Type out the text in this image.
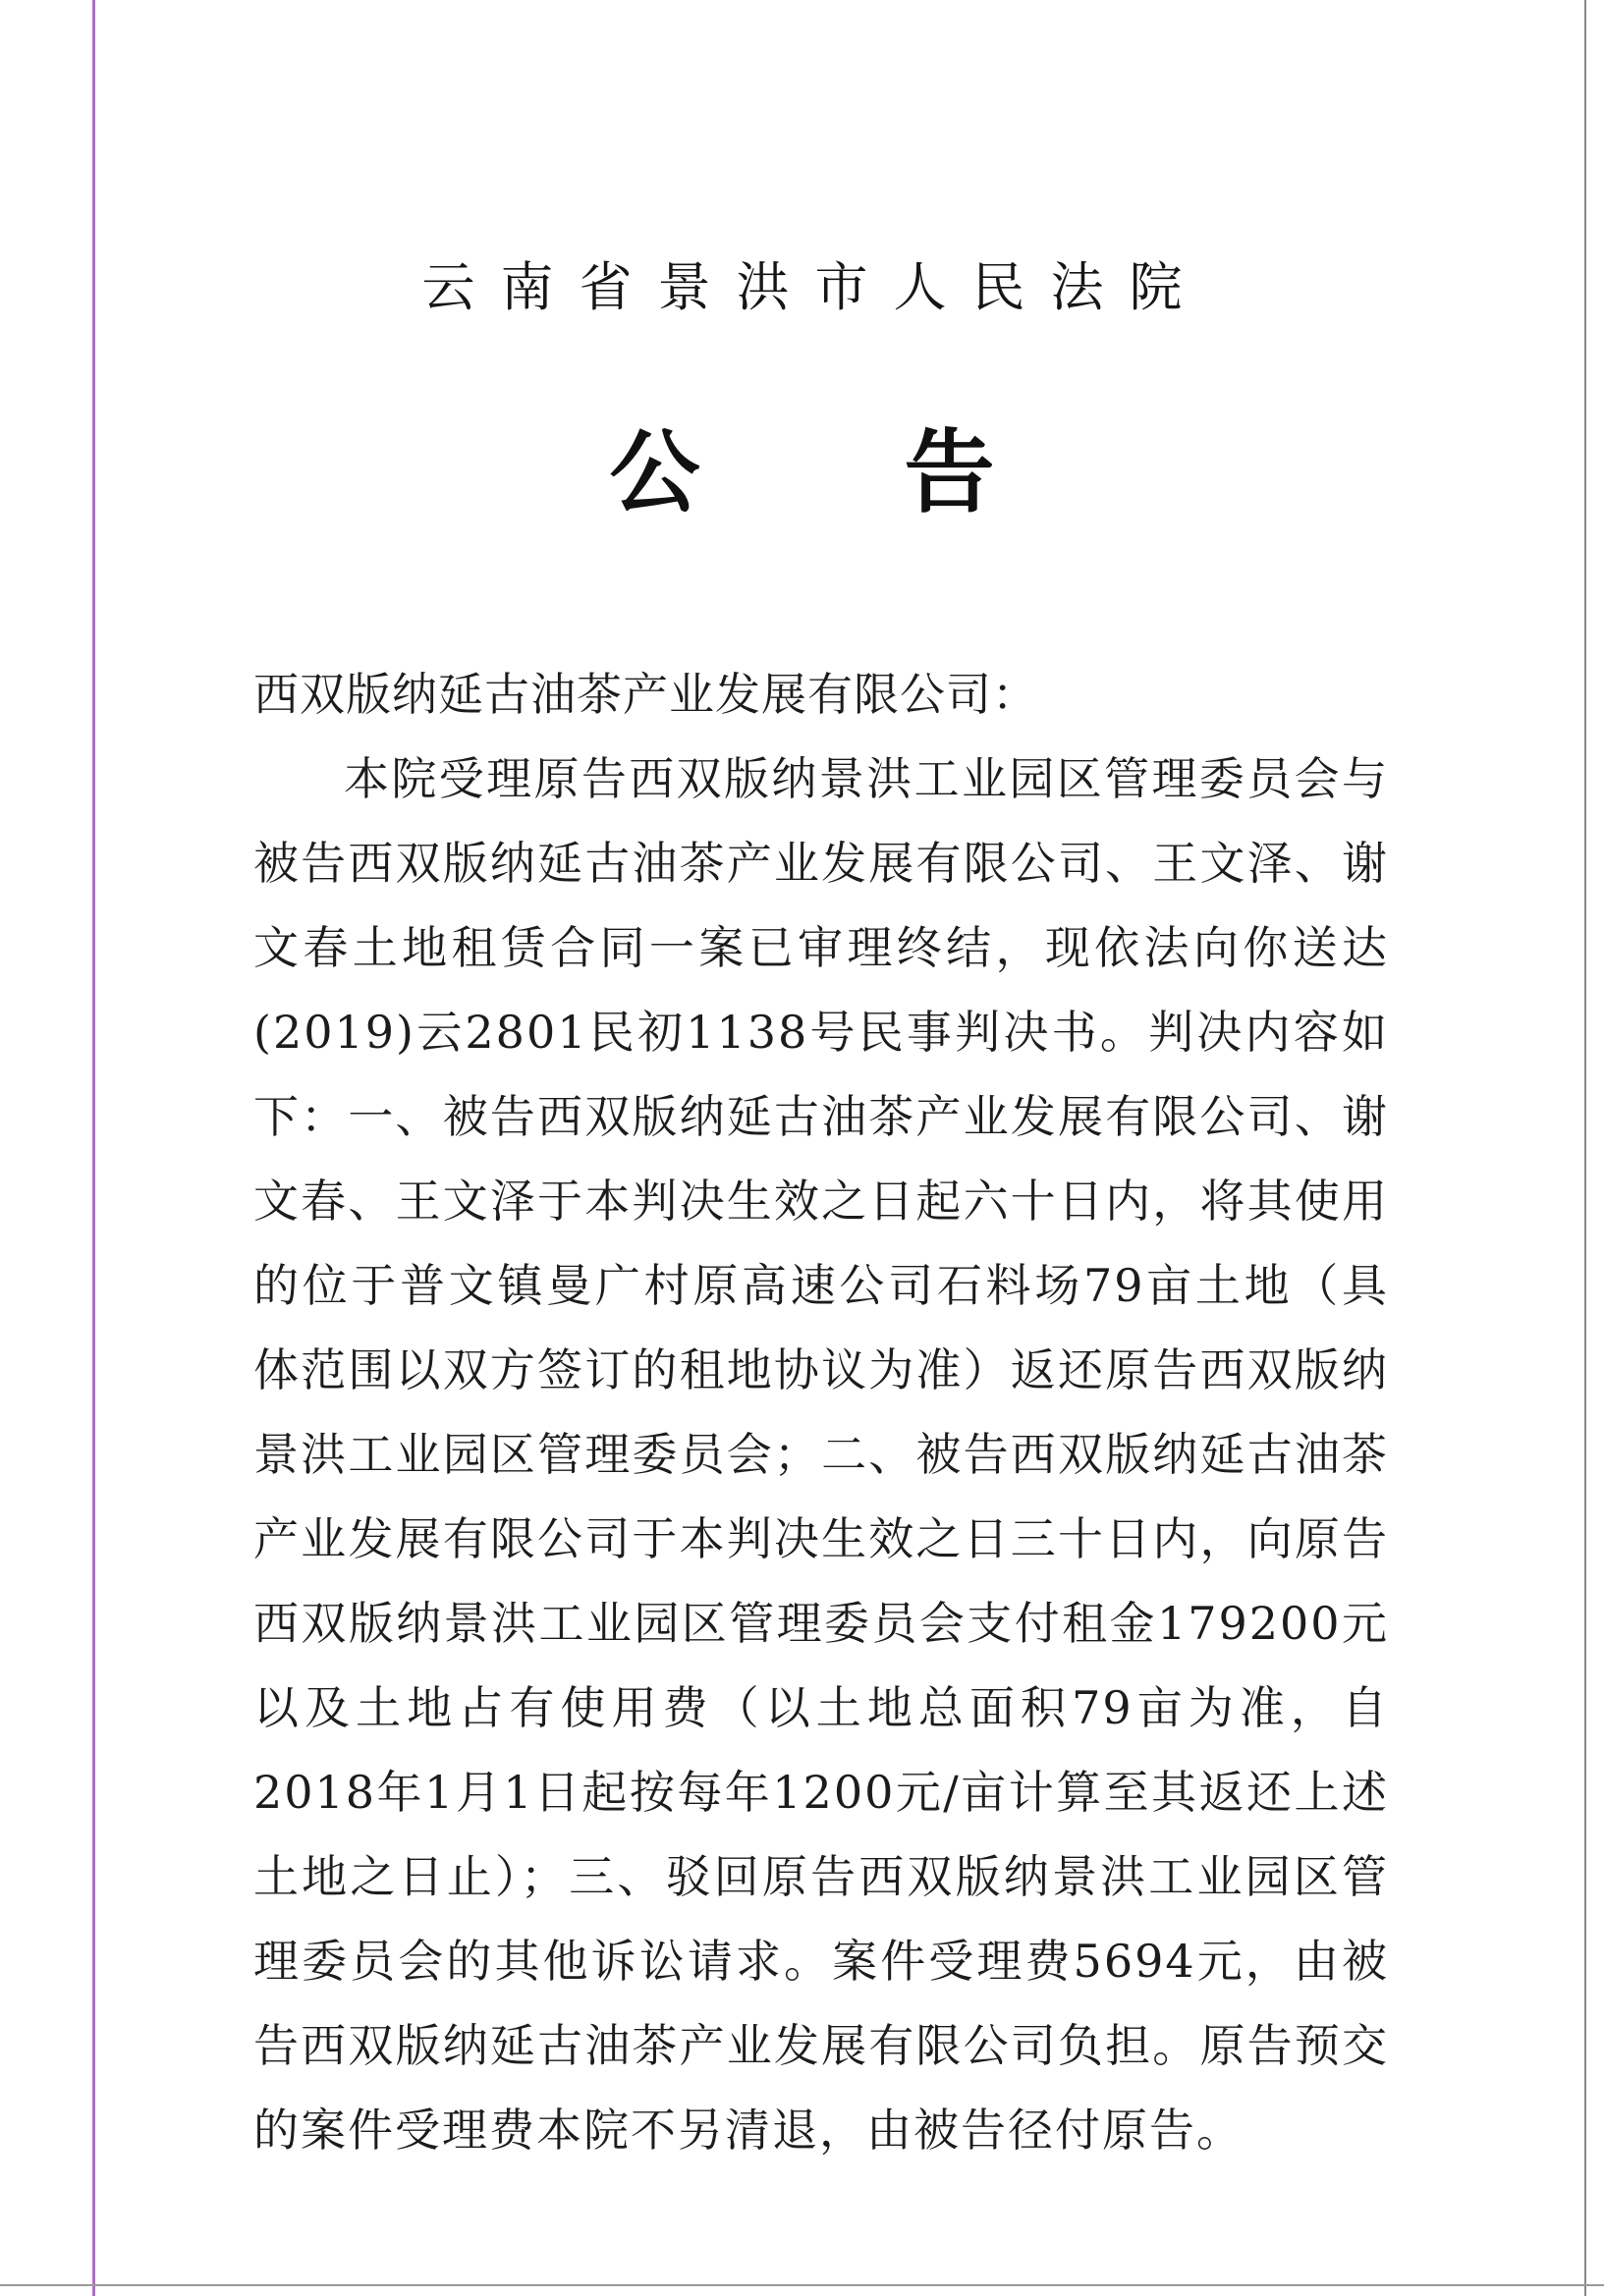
云南省景洪市人民法院
公 告

西双版纳延古油茶产业发展有限公司：

本院受理原告西双版纳景洪工业园区管理委员会与被告西双版纳延古油茶产业发展有限公司、王文泽、谢文春土地租赁合同一案已审理终结，现依法向你送达(2019)云2801民初1138号民事判决书。判决内容如下：一、被告西双版纳延古油茶产业发展有限公司、谢文春、王文泽于本判决生效之日起六十日内，将其使用的位于普文镇曼广村原高速公司石料场79亩土地（具体范围以双方签订的租地协议为准）返还原告西双版纳景洪工业园区管理委员会；二、被告西双版纳延古油茶产业发展有限公司于本判决生效之日三十日内，向原告西双版纳景洪工业园区管理委员会支付租金179200元以及土地占有使用费（以土地总面积79亩为准，自2018年1月1日起按每年1200元/亩计算至其返还上述土地之日止）；三、驳回原告西双版纳景洪工业园区管理委员会的其他诉讼请求。案件受理费5694元，由被告西双版纳延古油茶产业发展有限公司负担。原告预交的案件受理费本院不另清退，由被告径付原告。
